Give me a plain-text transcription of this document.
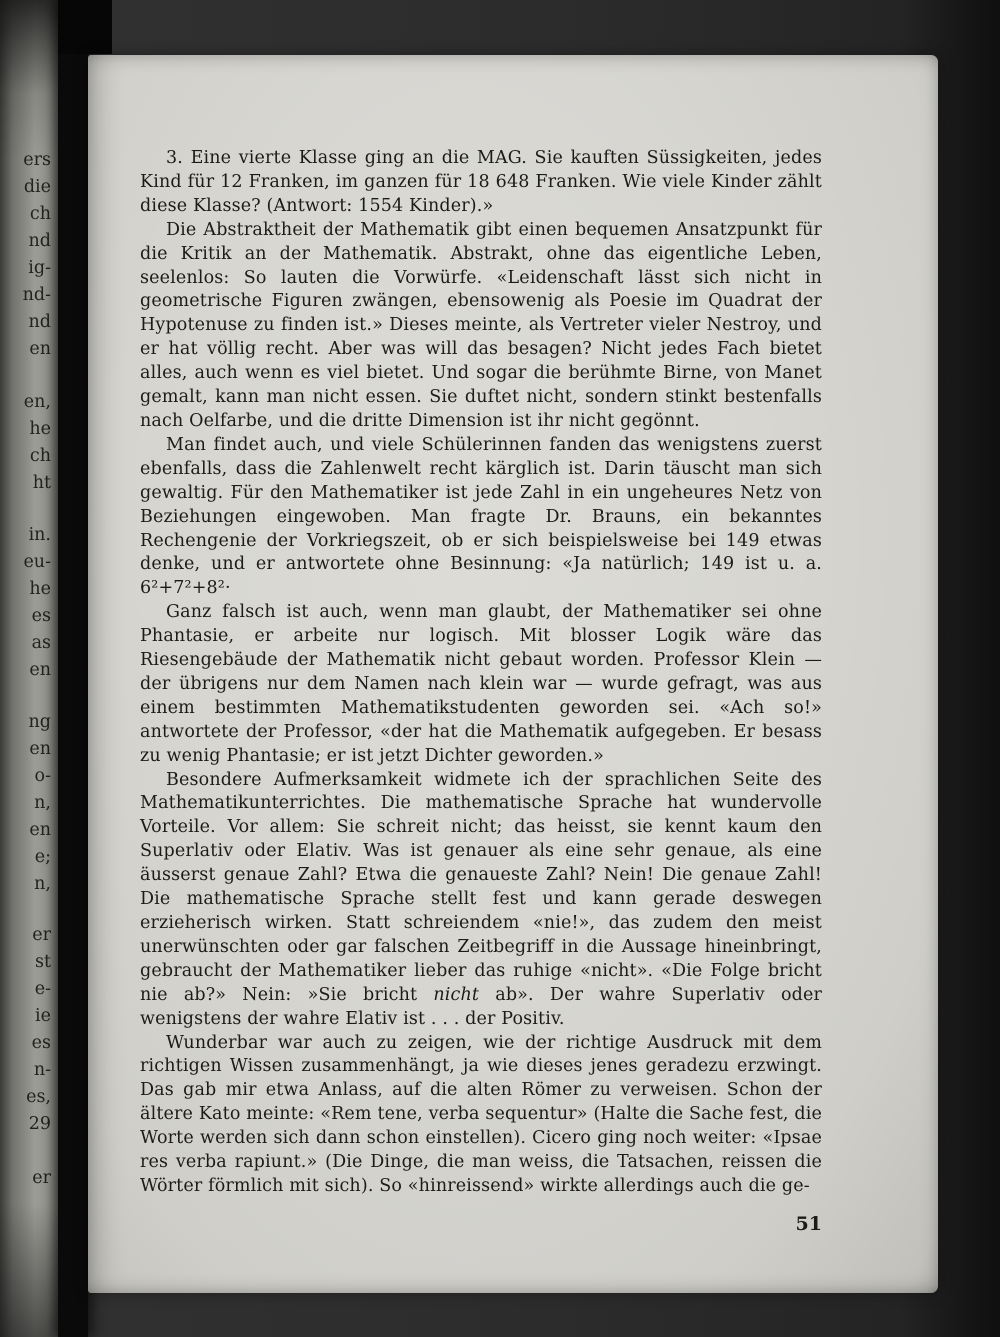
ers
die
ch
nd
ig-
nd-
nd
en
en,
he
ch
ht
in.
eu-
he
es
as
en
ng
en
o-
n,
en
e;
n,
er
st
e-
ie
es
n-
es,
29
er

3. Eine vierte Klasse ging an die MAG. Sie kauften Süssigkeiten, jedes Kind für 12 Franken, im ganzen für 18 648 Franken. Wie viele Kinder zählt diese Klasse? (Antwort: 1554 Kinder).»

Die Abstraktheit der Mathematik gibt einen bequemen Ansatzpunkt für die Kritik an der Mathematik. Abstrakt, ohne das eigentliche Leben, seelenlos: So lauten die Vorwürfe. «Leidenschaft lässt sich nicht in geometrische Figuren zwängen, ebensowenig als Poesie im Quadrat der Hypotenuse zu finden ist.» Dieses meinte, als Vertreter vieler Nestroy, und er hat völlig recht. Aber was will das besagen? Nicht jedes Fach bietet alles, auch wenn es viel bietet. Und sogar die berühmte Birne, von Manet gemalt, kann man nicht essen. Sie duftet nicht, sondern stinkt bestenfalls nach Oelfarbe, und die dritte Dimension ist ihr nicht gegönnt.

Man findet auch, und viele Schülerinnen fanden das wenigstens zuerst ebenfalls, dass die Zahlenwelt recht kärglich ist. Darin täuscht man sich gewaltig. Für den Mathematiker ist jede Zahl in ein ungeheures Netz von Beziehungen eingewoben. Man fragte Dr. Brauns, ein bekanntes Rechengenie der Vorkriegszeit, ob er sich beispielsweise bei 149 etwas denke, und er antwortete ohne Besinnung: «Ja natürlich; 149 ist u. a. 6²+7²+8²·

Ganz falsch ist auch, wenn man glaubt, der Mathematiker sei ohne Phantasie, er arbeite nur logisch. Mit blosser Logik wäre das Riesengebäude der Mathematik nicht gebaut worden. Professor Klein — der übrigens nur dem Namen nach klein war — wurde gefragt, was aus einem bestimmten Mathematikstudenten geworden sei. «Ach so!» antwortete der Professor, «der hat die Mathematik aufgegeben. Er besass zu wenig Phantasie; er ist jetzt Dichter geworden.»

Besondere Aufmerksamkeit widmete ich der sprachlichen Seite des Mathematikunterrichtes. Die mathematische Sprache hat wundervolle Vorteile. Vor allem: Sie schreit nicht; das heisst, sie kennt kaum den Superlativ oder Elativ. Was ist genauer als eine sehr genaue, als eine äusserst genaue Zahl? Etwa die genaueste Zahl? Nein! Die genaue Zahl! Die mathematische Sprache stellt fest und kann gerade deswegen erzieherisch wirken. Statt schreiendem «nie!», das zudem den meist unerwünschten oder gar falschen Zeitbegriff in die Aussage hineinbringt, gebraucht der Mathematiker lieber das ruhige «nicht». «Die Folge bricht nie ab?» Nein: »Sie bricht nicht ab». Der wahre Superlativ oder wenigstens der wahre Elativ ist . . . der Positiv.

Wunderbar war auch zu zeigen, wie der richtige Ausdruck mit dem richtigen Wissen zusammenhängt, ja wie dieses jenes geradezu erzwingt. Das gab mir etwa Anlass, auf die alten Römer zu verweisen. Schon der ältere Kato meinte: «Rem tene, verba sequentur» (Halte die Sache fest, die Worte werden sich dann schon einstellen). Cicero ging noch weiter: «Ipsae res verba rapiunt.» (Die Dinge, die man weiss, die Tatsachen, reissen die Wörter förmlich mit sich). So «hinreissend» wirkte allerdings auch die ge-

51
